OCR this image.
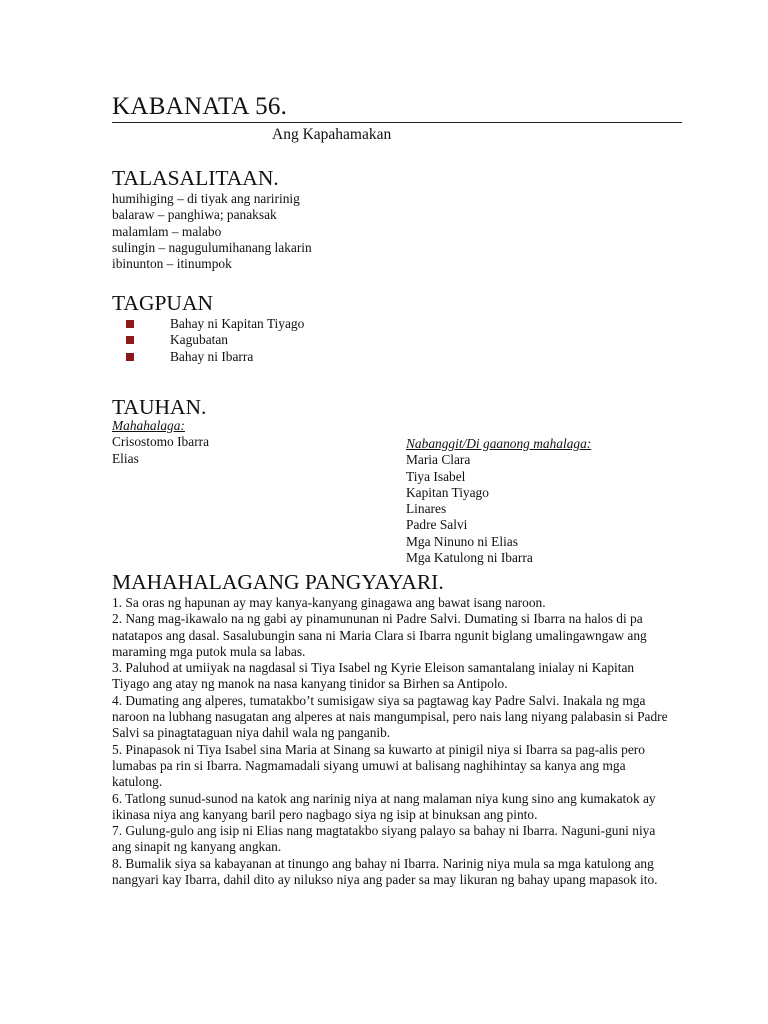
KABANATA 56.
Ang Kapahamakan
TALASALITAAN.
humihiging – di tiyak ang naririnig
balaraw – panghiwa; panaksak
malamlam – malabo
sulingin – nagugulumihanang lakarin
ibinunton – itinumpok
TAGPUAN
Bahay ni Kapitan Tiyago
Kagubatan
Bahay ni Ibarra
TAUHAN.
Mahahalaga:
Crisostomo Ibarra
Elias
Nabanggit/Di gaanong mahalaga:
Maria Clara
Tiya Isabel
Kapitan Tiyago
Linares
Padre Salvi
Mga Ninuno ni Elias
Mga Katulong ni Ibarra
MAHAHALAGANG PANGYAYARI.
1. Sa oras ng hapunan ay may kanya-kanyang ginagawa ang bawat isang naroon.
2. Nang mag-ikawalo na ng gabi ay pinamununan ni Padre Salvi. Dumating si Ibarra na halos di pa natatapos ang dasal. Sasalubungin sana ni Maria Clara si Ibarra ngunit biglang umalingawngaw ang maraming mga putok mula sa labas.
3. Paluhod at umiiyak na nagdasal si Tiya Isabel ng Kyrie Eleison samantalang inialay ni Kapitan Tiyago ang atay ng manok na nasa kanyang tinidor sa Birhen sa Antipolo.
4. Dumating ang alperes, tumatakbo’t sumisigaw siya sa pagtawag kay Padre Salvi. Inakala ng mga naroon na lubhang nasugatan ang alperes at nais mangumpisal, pero nais lang niyang palabasin si Padre Salvi sa pinagtataguan niya dahil wala ng panganib.
5. Pinapasok ni Tiya Isabel sina Maria at Sinang sa kuwarto at pinigil niya si Ibarra sa pag-alis pero lumabas pa rin si Ibarra. Nagmamadali siyang umuwi at balisang naghihintay sa kanya ang mga katulong.
6. Tatlong sunud-sunod na katok ang narinig niya at nang malaman niya kung sino ang kumakatok ay ikinasa niya ang kanyang baril pero nagbago siya ng isip at binuksan ang pinto.
7. Gulung-gulo ang isip ni Elias nang magtatakbo siyang palayo sa bahay ni Ibarra. Naguni-guni niya ang sinapit ng kanyang angkan.
8. Bumalik siya sa kabayanan at tinungo ang bahay ni Ibarra. Narinig niya mula sa mga katulong ang nangyari kay Ibarra, dahil dito ay nilukso niya ang pader sa may likuran ng bahay upang mapasok ito.
